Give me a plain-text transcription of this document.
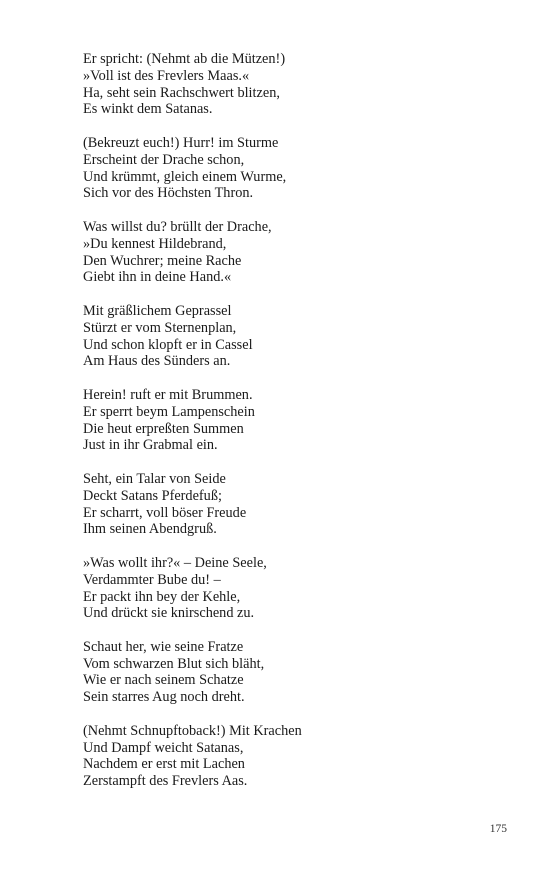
Er spricht: (Nehmt ab die Mützen!)
»Voll ist des Frevlers Maas.«
Ha, seht sein Rachschwert blitzen,
Es winkt dem Satanas.
(Bekreuzt euch!) Hurr! im Sturme
Erscheint der Drache schon,
Und krümmt, gleich einem Wurme,
Sich vor des Höchsten Thron.
Was willst du? brüllt der Drache,
»Du kennest Hildebrand,
Den Wuchrer; meine Rache
Giebt ihn in deine Hand.«
Mit gräßlichem Geprassel
Stürzt er vom Sternenplan,
Und schon klopft er in Cassel
Am Haus des Sünders an.
Herein! ruft er mit Brummen.
Er sperrt beym Lampenschein
Die heut erpreßten Summen
Just in ihr Grabmal ein.
Seht, ein Talar von Seide
Deckt Satans Pferdefuß;
Er scharrt, voll böser Freude
Ihm seinen Abendgruß.
»Was wollt ihr?« – Deine Seele,
Verdammter Bube du! –
Er packt ihn bey der Kehle,
Und drückt sie knirschend zu.
Schaut her, wie seine Fratze
Vom schwarzen Blut sich bläht,
Wie er nach seinem Schatze
Sein starres Aug noch dreht.
(Nehmt Schnupftoback!) Mit Krachen
Und Dampf weicht Satanas,
Nachdem er erst mit Lachen
Zerstampft des Frevlers Aas.
175
